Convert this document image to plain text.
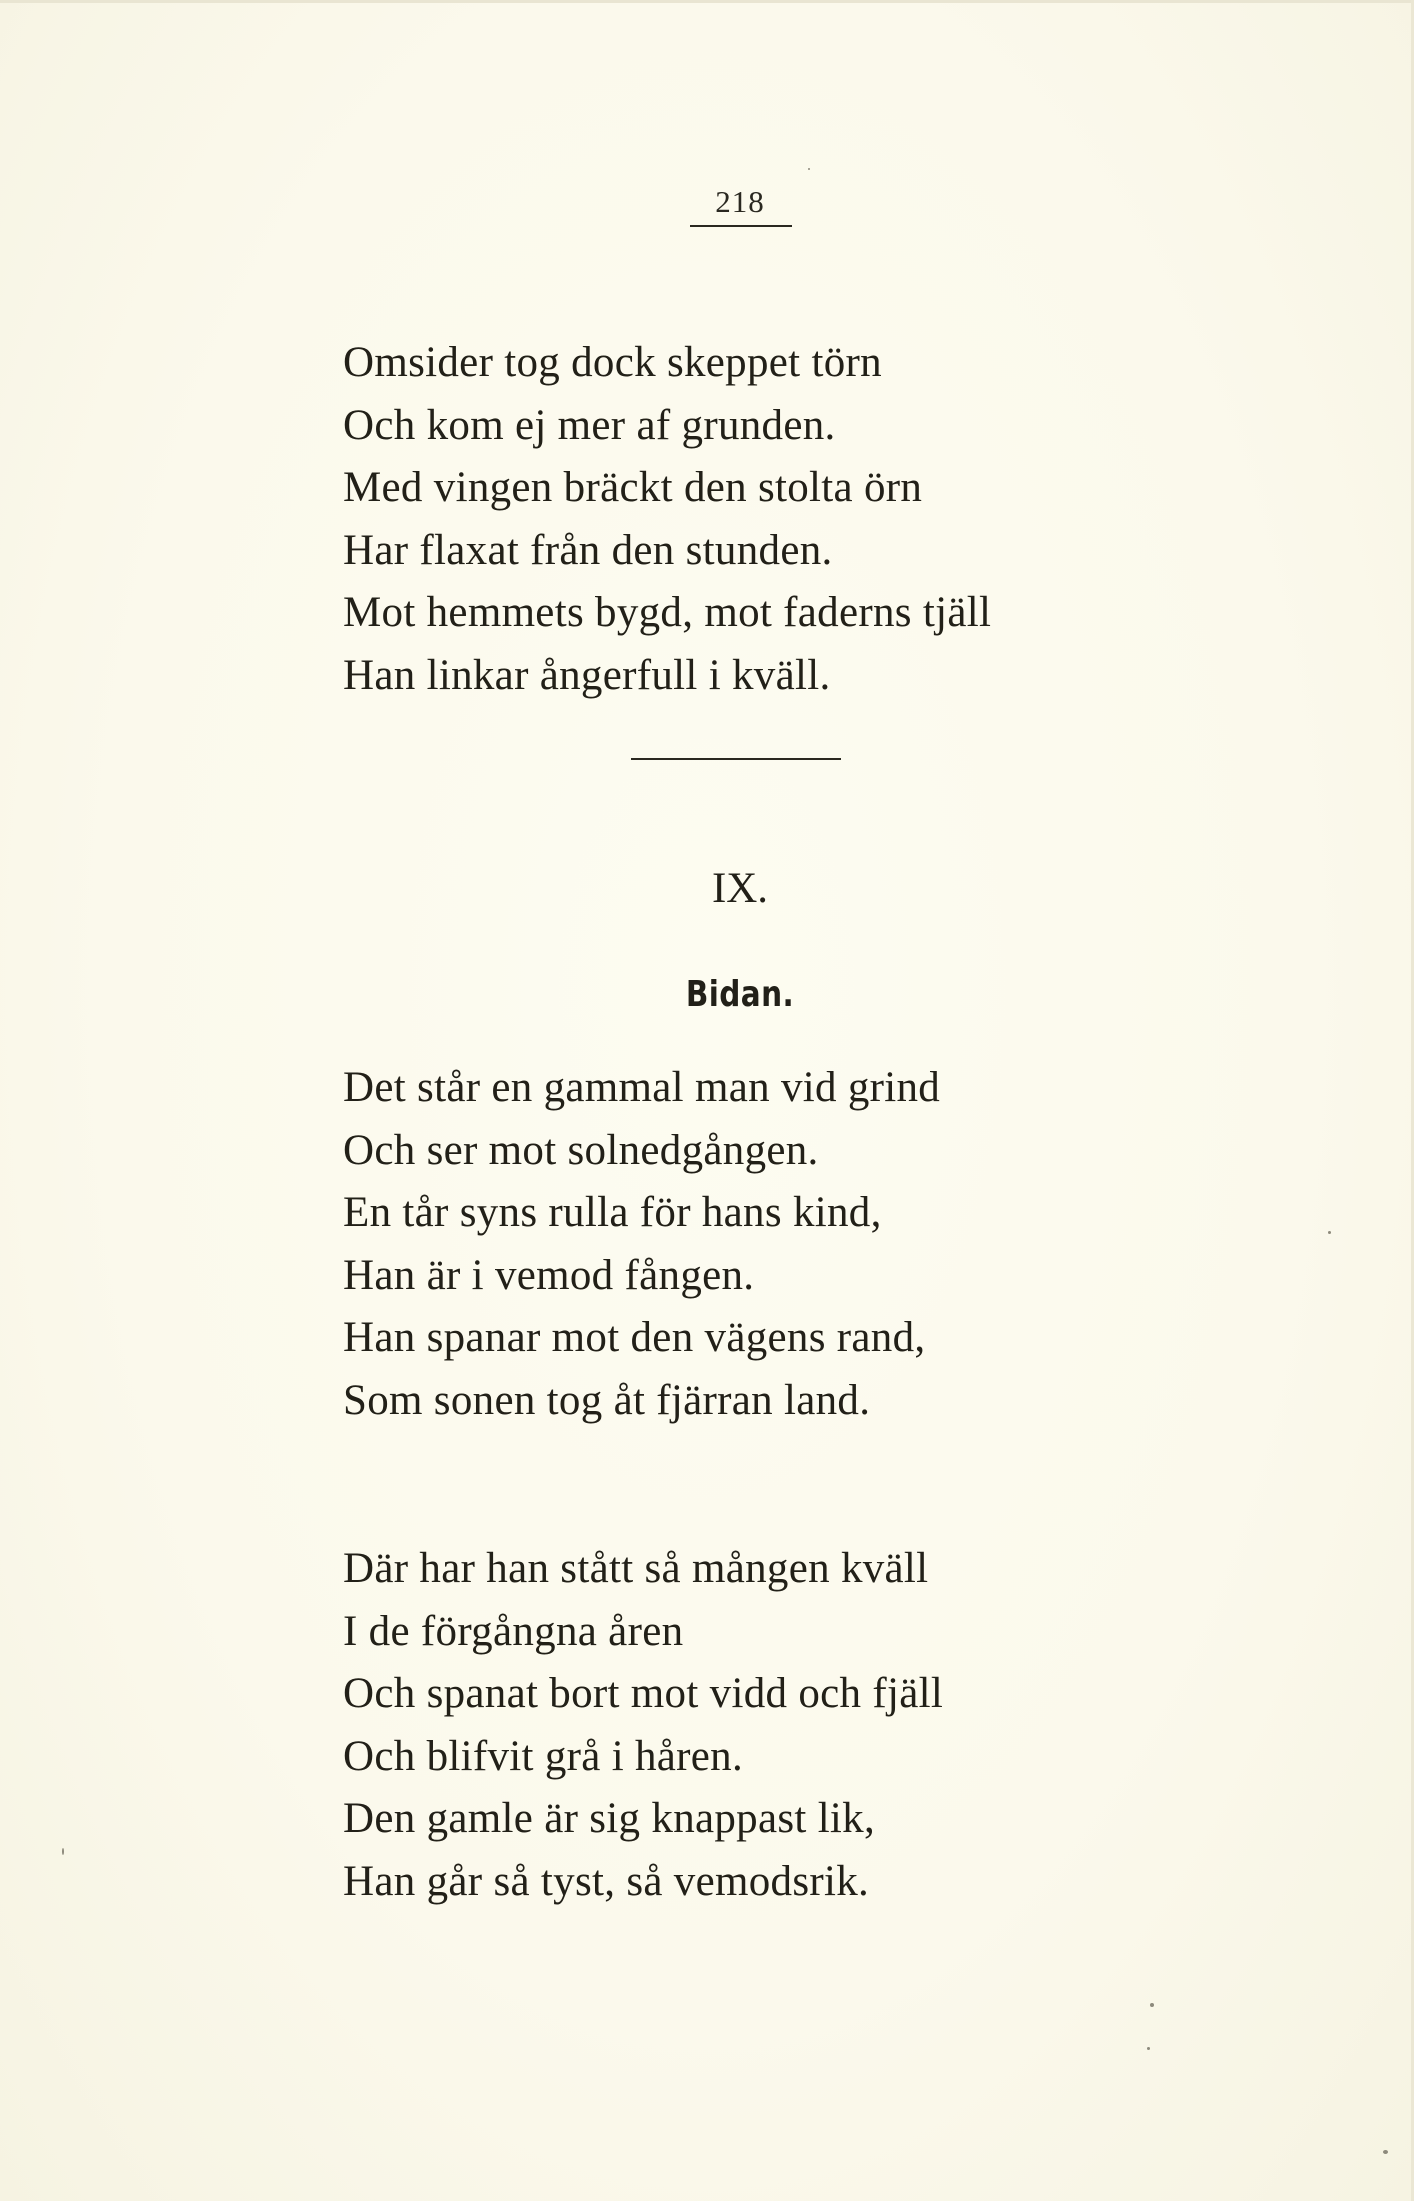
218
Omsider tog dock skeppet törn
Och kom ej mer af grunden.
Med vingen bräckt den stolta örn
Har flaxat från den stunden.
Mot hemmets bygd, mot faderns tjäll
Han linkar ångerfull i kväll.
IX.
Bidan.
Det står en gammal man vid grind
Och ser mot solnedgången.
En tår syns rulla för hans kind,
Han är i vemod fången.
Han spanar mot den vägens rand,
Som sonen tog åt fjärran land.
Där har han stått så mången kväll
I de förgångna åren
Och spanat bort mot vidd och fjäll
Och blifvit grå i håren.
Den gamle är sig knappast lik,
Han går så tyst, så vemodsrik.
